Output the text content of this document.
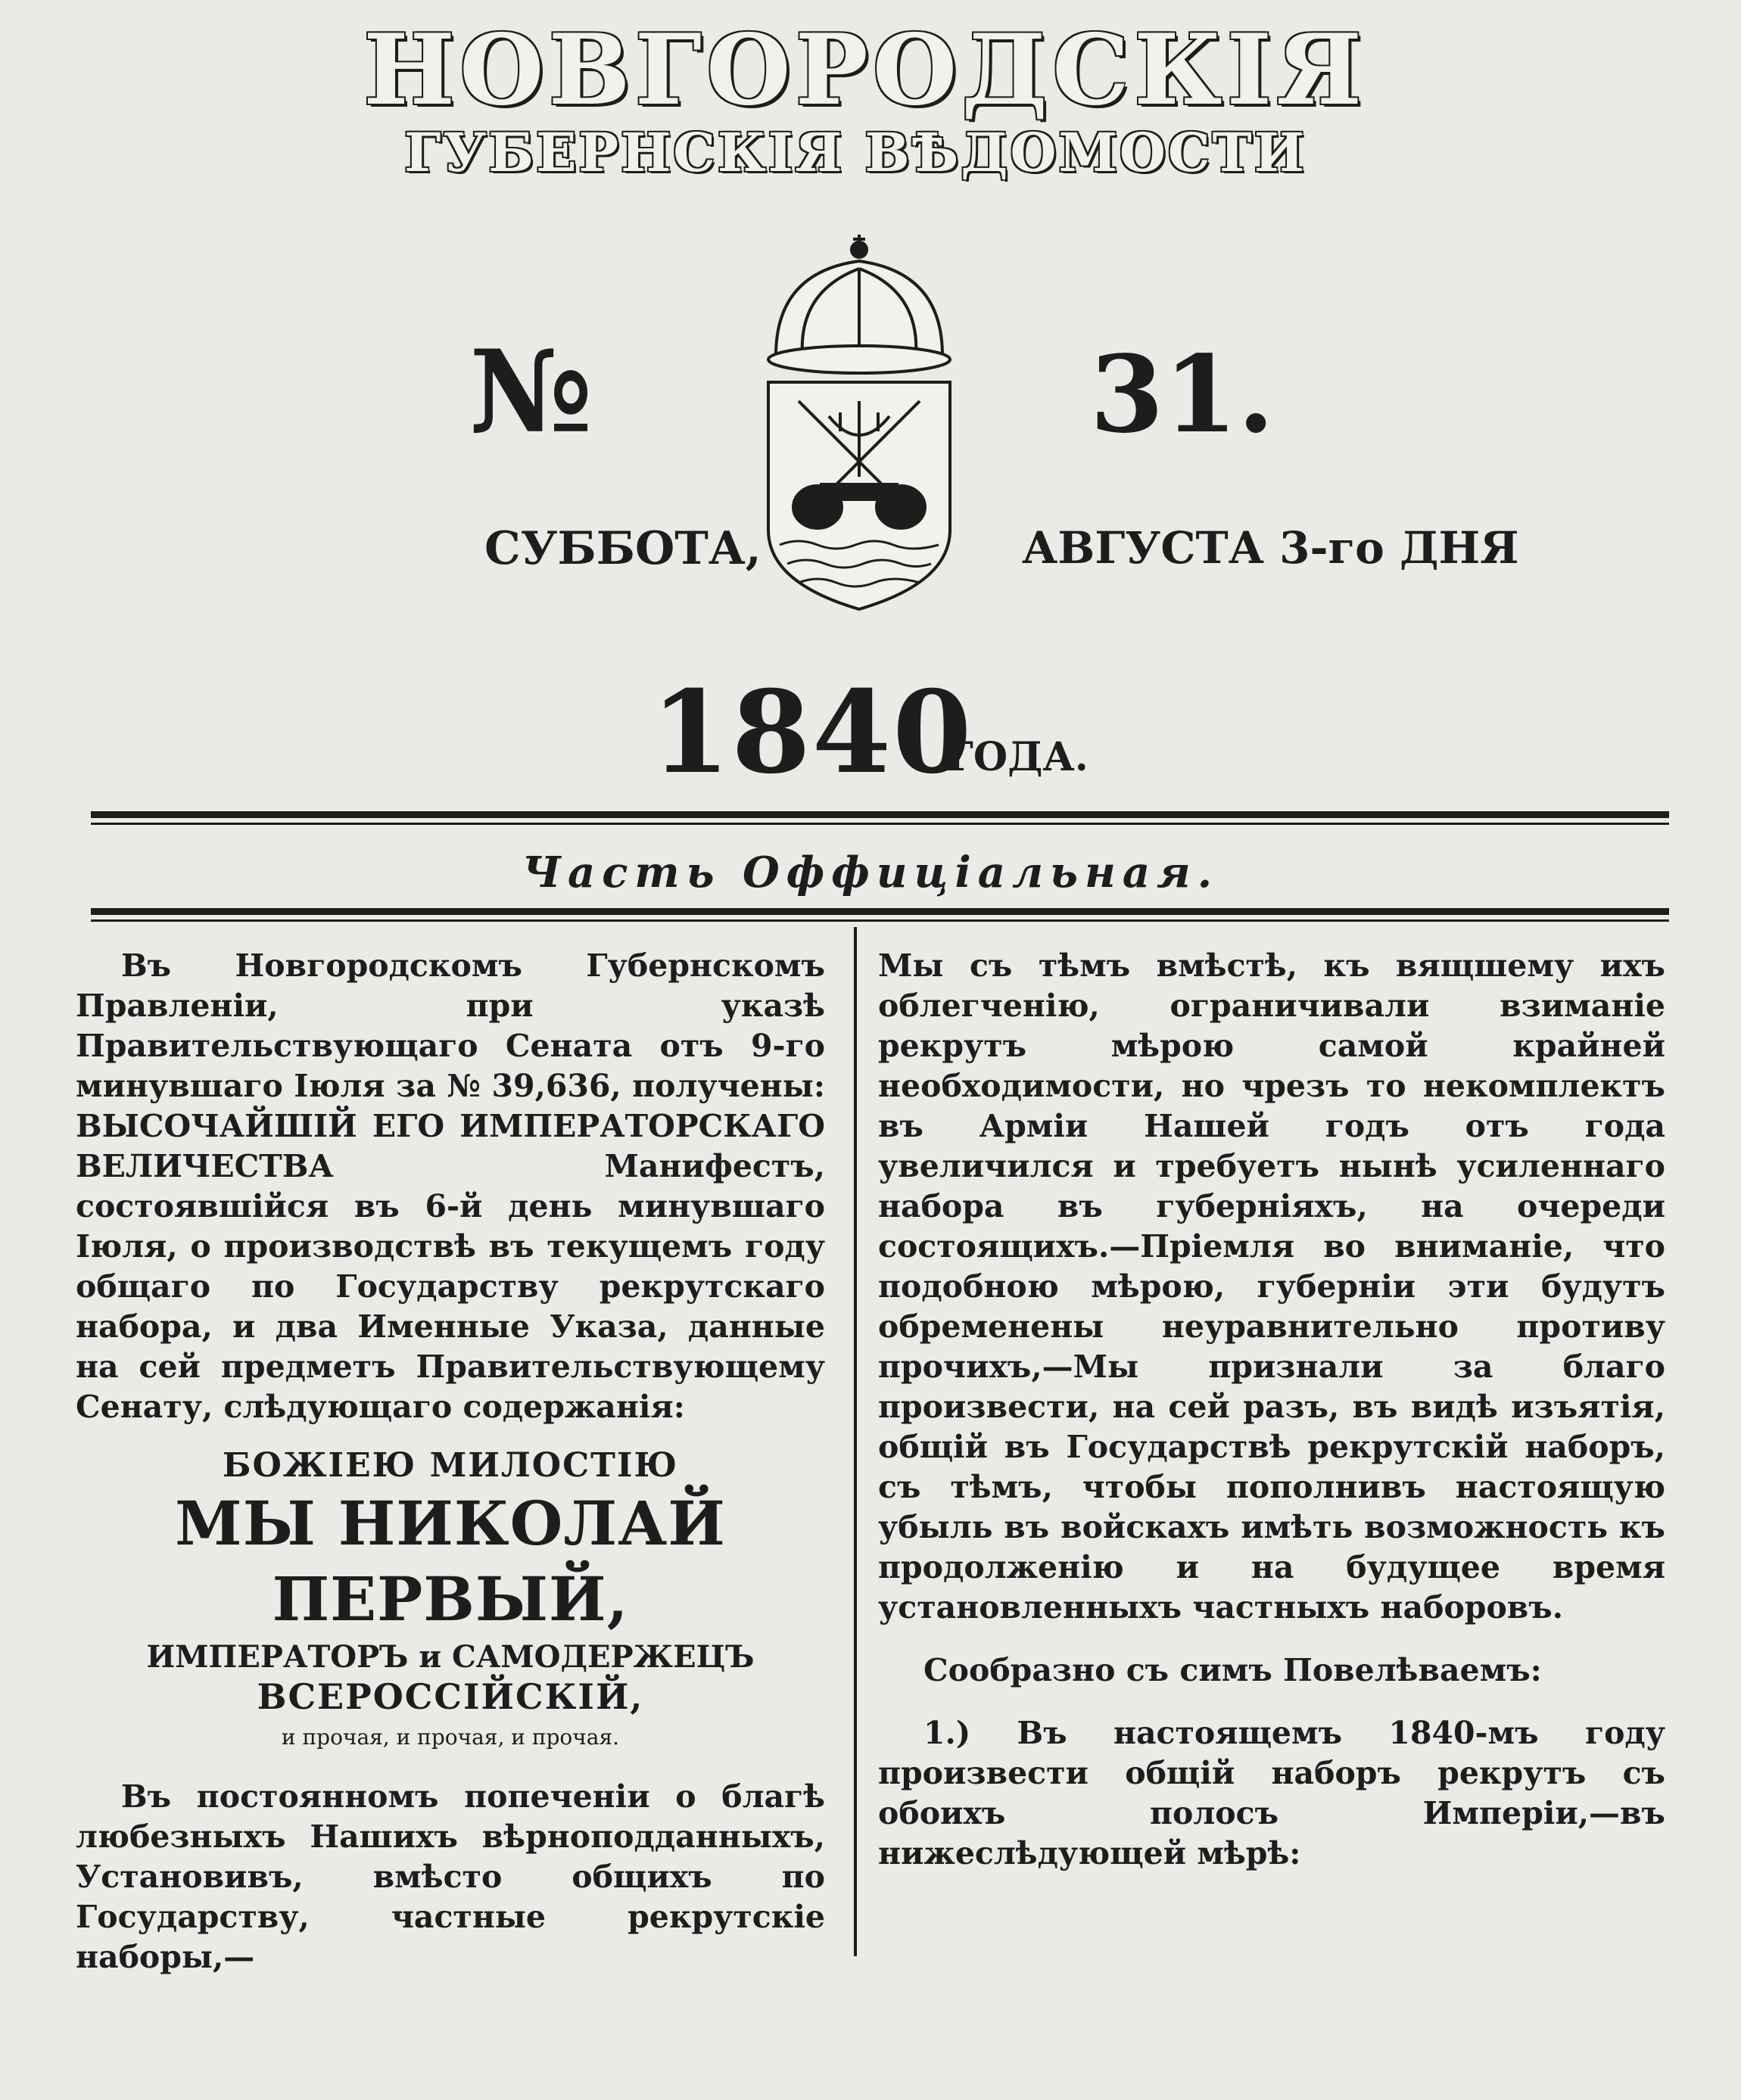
НОВГОРОДСКІЯ
ГУБЕРНСКІЯ ВѢДОМОСТИ
№	31.
СУББОТА,	АВГУСТА 3-го ДНЯ
1840
ГОДА.
Часть Оффиціальная.

Въ Новгородскомъ Губернскомъ Правленіи, при указѣ Правительствующаго Сената отъ 9-го минувшаго Іюля за № 39,636, получены: ВЫСОЧАЙШІЙ ЕГО ИМПЕРАТОРСКАГО ВЕЛИЧЕСТВА Манифестъ, состоявшійся въ 6-й день минувшаго Іюля, о производствѣ въ текущемъ году общаго по Государству рекрутскаго набора, и два Именные Указа, данные на сей предметъ Правительствующему Сенату, слѣдующаго содержанія:

БОЖІЕЮ МИЛОСТІЮ

МЫ НИКОЛАЙ ПЕРВЫЙ,

ИМПЕРАТОРЪ и САМОДЕРЖЕЦЪ

ВСЕРОССІЙСКІЙ,

и прочая, и прочая, и прочая.

Въ постоянномъ попеченіи о благѣ любезныхъ Нашихъ вѣрноподданныхъ, Установивъ, вмѣсто общихъ по Государству, частные рекрутскіе наборы,—

Мы съ тѣмъ вмѣстѣ, къ вящшему ихъ облегченію, ограничивали взиманіе рекрутъ мѣрою самой крайней необходимости, но чрезъ то некомплектъ въ Арміи Нашей годъ отъ года увеличился и требуетъ нынѣ усиленнаго набора въ губерніяхъ, на очереди состоящихъ.—Пріемля во вниманіе, что подобною мѣрою, губерніи эти будутъ обременены неуравнительно противу прочихъ,—Мы признали за благо произвести, на сей разъ, въ видѣ изъятія, общій въ Государствѣ рекрутскій наборъ, съ тѣмъ, чтобы пополнивъ настоящую убыль въ войскахъ имѣть возможность къ продолженію и на будущее время установленныхъ частныхъ наборовъ.

Сообразно съ симъ Повелѣваемъ:

1.) Въ настоящемъ 1840-мъ году произвести общій наборъ рекрутъ съ обоихъ полосъ Имперіи,—въ нижеслѣдующей мѣрѣ:
